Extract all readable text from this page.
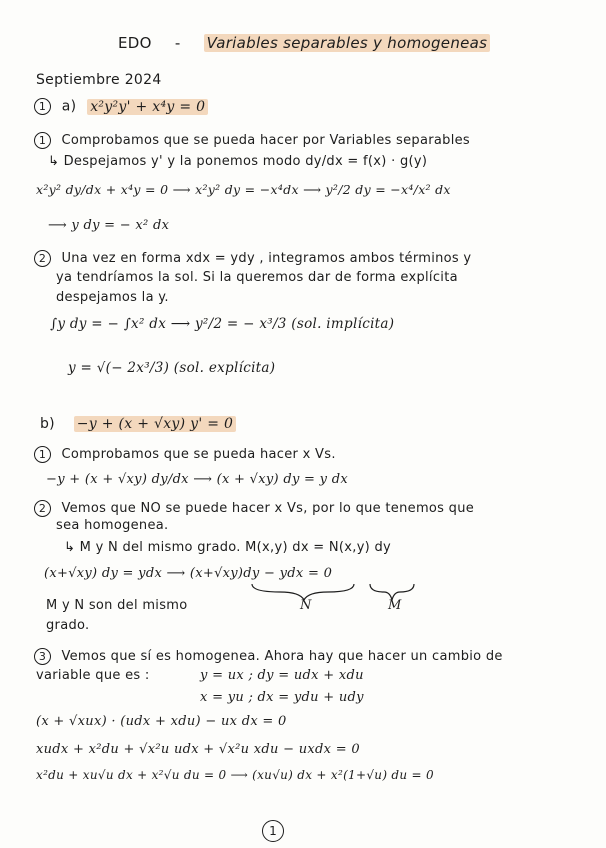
EDO - Variables separables y homogeneas
Septiembre 2024
1 a) x²y²y' + x⁴y = 0
1 Comprobamos que se pueda hacer por Variables separables
↳ Despejamos y' y la ponemos modo dy/dx = f(x) · g(y)
x²y² dy/dx + x⁴y = 0 ⟶ x²y² dy = −x⁴dx ⟶ y²/2 dy = −x⁴/x² dx
⟶ y dy = − x² dx
2 Una vez en forma xdx = ydy , integramos ambos términos y
ya tendríamos la sol. Si la queremos dar de forma explícita
despejamos la y.
∫y dy = − ∫x² dx ⟶ y²/2 = − x³/3 (sol. implícita)
y = √(− 2x³/3) (sol. explícita)
b) −y + (x + √xy) y' = 0
1 Comprobamos que se pueda hacer x Vs.
−y + (x + √xy) dy/dx ⟶ (x + √xy) dy = y dx
2 Vemos que NO se puede hacer x Vs, por lo que tenemos que
sea homogenea.
↳ M y N del mismo grado. M(x,y) dx = N(x,y) dy
(x+√xy) dy = ydx ⟶ (x+√xy)dy − ydx = 0
N	M
M y N son del mismo
grado.
3 Vemos que sí es homogenea. Ahora hay que hacer un cambio de
variable que es :	y = ux ; dy = udx + xdu
x = yu ; dx = ydu + udy
(x + √xux) · (udx + xdu) − ux dx = 0
xudx + x²du + √x²u udx + √x²u xdu − uxdx = 0
x²du + xu√u dx + x²√u du = 0 ⟶ (xu√u) dx + x²(1+√u) du = 0
1
